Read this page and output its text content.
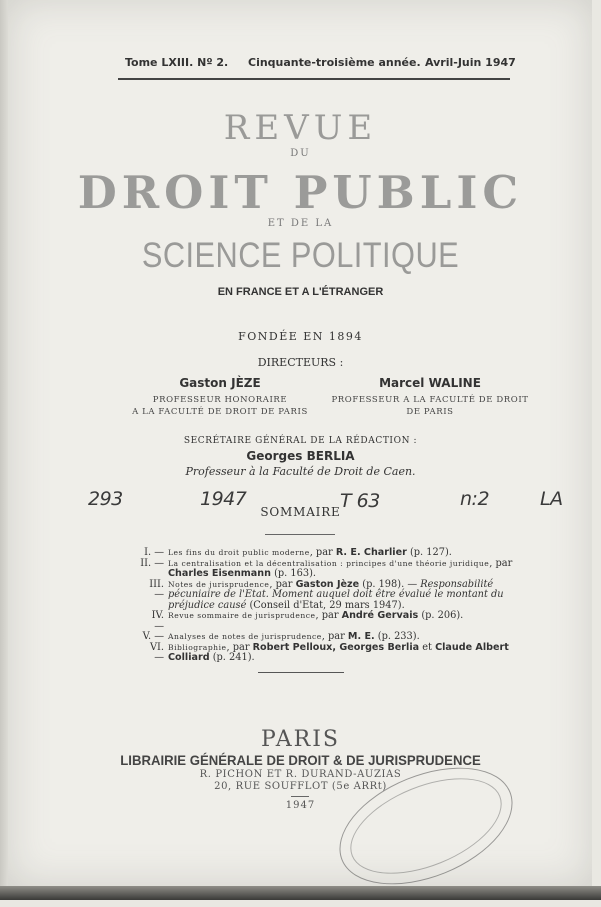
Tome LXIII. Nº 2. Cinquante-troisième année. Avril-Juin 1947
REVUE
DU
DROIT PUBLIC
ET DE LA
SCIENCE POLITIQUE
EN FRANCE ET A L'ÉTRANGER
FONDÉE EN 1894
DIRECTEURS :
Gaston JÈZE
PROFESSEUR HONORAIRE
A LA FACULTÉ DE DROIT DE PARIS
Marcel WALINE
PROFESSEUR A LA FACULTÉ DE DROIT
DE PARIS
SECRÉTAIRE GÉNÉRAL DE LA RÉDACTION :
Georges BERLIA
Professeur à la Faculté de Droit de Caen.
293	1947	T 63	n:2	LA
SOMMAIRE
I. — Les fins du droit public moderne, par R. E. Charlier (p. 127).
II. — La centralisation et la décentralisation : principes d'une théorie juridique, par Charles Eisenmann (p. 163).
III. —
Notes de jurisprudence, par Gaston Jèze (p. 198). — Responsabilité pécuniaire de l'Etat. Moment auquel doit être évalué le montant du préjudice causé (Conseil d'Etat, 29 mars 1947).
IV. —
Revue sommaire de jurisprudence, par André Gervais (p. 206).
V. — Analyses de notes de jurisprudence, par M. E. (p. 233).
VI. —
Bibliographie, par Robert Pelloux, Georges Berlia et Claude Albert Colliard (p. 241).
PARIS
LIBRAIRIE GÉNÉRALE DE DROIT & DE JURISPRUDENCE
R. PICHON ET R. DURAND-AUZIAS
20, RUE SOUFFLOT (5e ARRt)
1947
